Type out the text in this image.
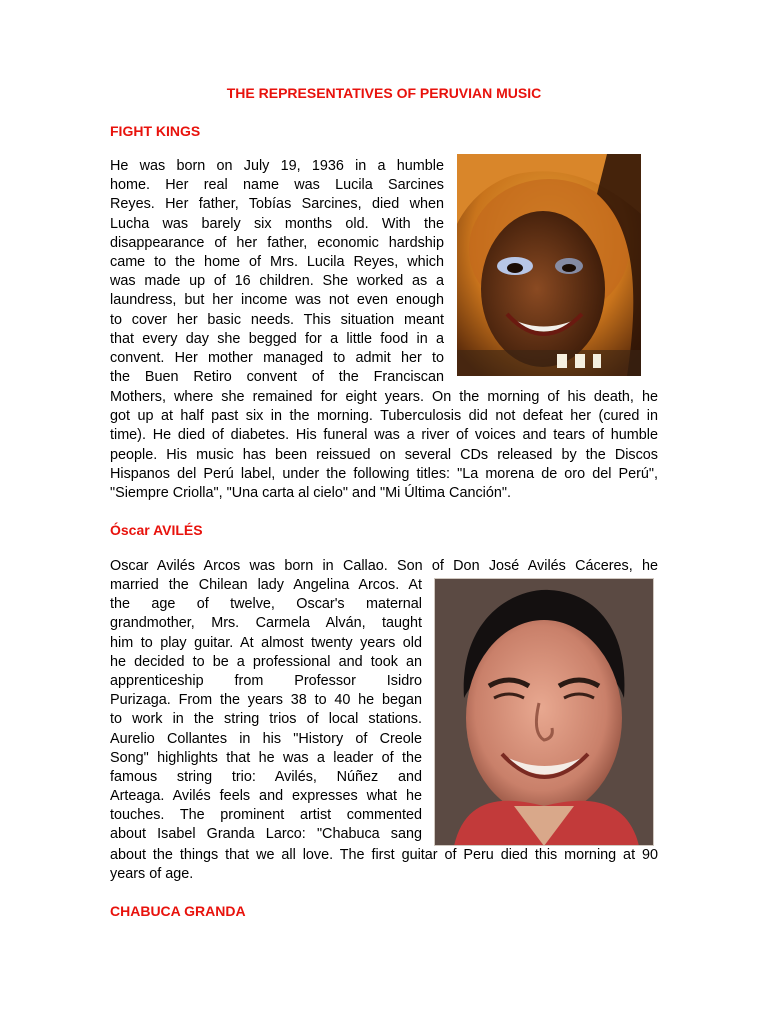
THE REPRESENTATIVES OF PERUVIAN MUSIC
FIGHT KINGS
He was born on July 19, 1936 in a humble
home. Her real name was Lucila Sarcines
Reyes. Her father, Tobías Sarcines, died when
Lucha was barely six months old. With the
disappearance of her father, economic hardship
came to the home of Mrs. Lucila Reyes, which
was made up of 16 children. She worked as a
laundress, but her income was not even enough
to cover her basic needs. This situation meant
that every day she begged for a little food in a
convent. Her mother managed to admit her to
the Buen Retiro convent of the Franciscan
Mothers, where she remained for eight years. On the morning of his death, he
got up at half past six in the morning. Tuberculosis did not defeat her (cured in
time). He died of diabetes. His funeral was a river of voices and tears of humble
people. His music has been reissued on several CDs released by the Discos
Hispanos del Perú label, under the following titles: "La morena de oro del Perú",
"Siempre Criolla", "Una carta al cielo" and "Mi Última Canción".
Óscar AVILÉS
Oscar Avilés Arcos was born in Callao. Son of Don José Avilés Cáceres, he
married the Chilean lady Angelina Arcos. At
the age of twelve, Oscar's maternal
grandmother, Mrs. Carmela Alván, taught
him to play guitar. At almost twenty years old
he decided to be a professional and took an
apprenticeship from Professor Isidro
Purizaga. From the years 38 to 40 he began
to work in the string trios of local stations.
Aurelio Collantes in his "History of Creole
Song" highlights that he was a leader of the
famous string trio: Avilés, Núñez and
Arteaga. Avilés feels and expresses what he
touches. The prominent artist commented
about Isabel Granda Larco: "Chabuca sang
about the things that we all love. The first guitar of Peru died this morning at 90
years of age.
CHABUCA GRANDA
